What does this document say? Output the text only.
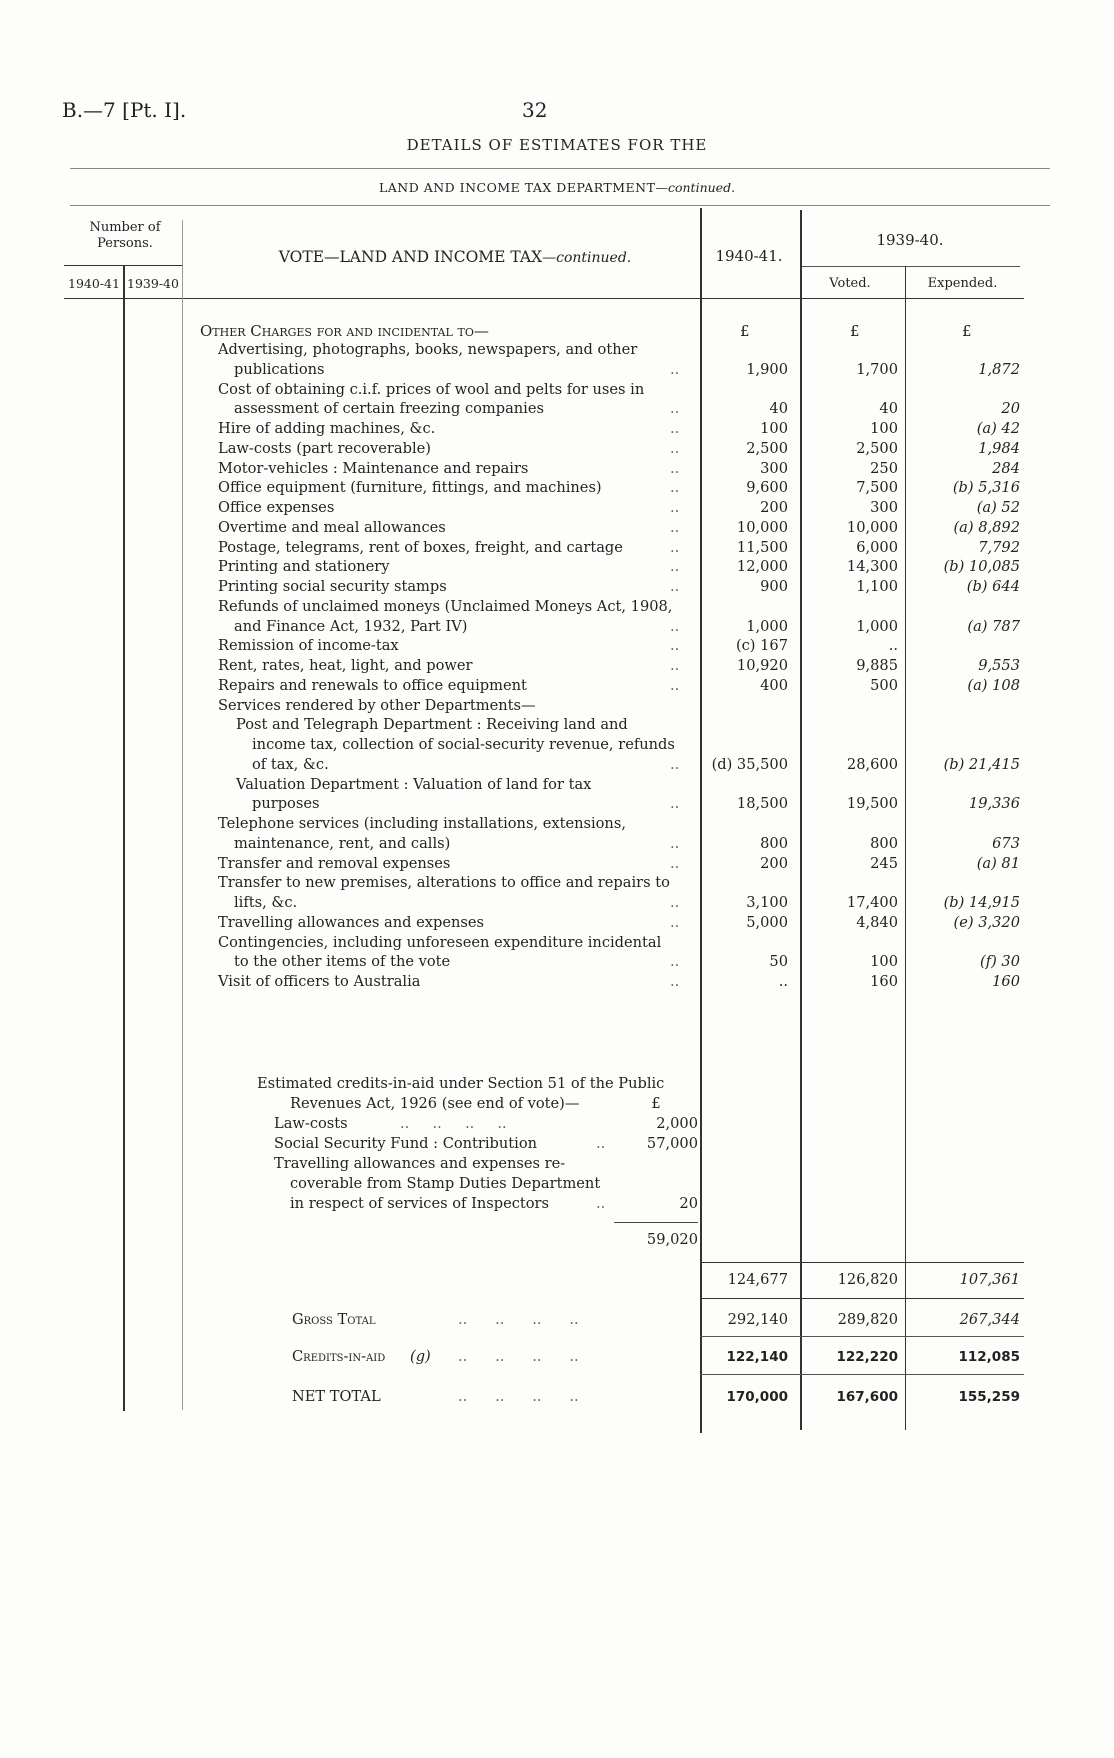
B.—7 [Pt. I].	32
DETAILS OF ESTIMATES FOR THE
LAND AND INCOME TAX DEPARTMENT—continued.
Number of Persons.
1940-41 1939-40
VOTE—LAND AND INCOME TAX—continued.	1940-41.
1939-40.
Voted.	Expended.
Other Charges for and incidental to—	£	£	£
Advertising, photographs, books, newspapers, and other
publications	..	1,900	1,700	1,872
Cost of obtaining c.i.f. prices of wool and pelts for uses in
assessment of certain freezing companies	..	40	40	20
Hire of adding machines, &c.	..	100	100	(a) 42
Law-costs (part recoverable)	..	2,500	2,500	1,984
Motor-vehicles : Maintenance and repairs	..	300	250	284
Office equipment (furniture, fittings, and machines)	..	9,600	7,500	(b) 5,316
Office expenses	..	200	300	(a) 52
Overtime and meal allowances	..	10,000	10,000	(a) 8,892
Postage, telegrams, rent of boxes, freight, and cartage	..	11,500	6,000	7,792
Printing and stationery	..	12,000	14,300	(b) 10,085
Printing social security stamps	..	900	1,100	(b) 644
Refunds of unclaimed moneys (Unclaimed Moneys Act, 1908,
and Finance Act, 1932, Part IV)	..	1,000	1,000	(a) 787
Remission of income-tax	..	(c) 167	..
Rent, rates, heat, light, and power	..	10,920	9,885	9,553
Repairs and renewals to office equipment	..	400	500	(a) 108
Services rendered by other Departments—
Post and Telegraph Department : Receiving land and
income tax, collection of social-security revenue, refunds
of tax, &c.	..	(d) 35,500	28,600	(b) 21,415
Valuation Department : Valuation of land for tax
purposes	..	18,500	19,500	19,336
Telephone services (including installations, extensions,
maintenance, rent, and calls)	..	800	800	673
Transfer and removal expenses	..	200	245	(a) 81
Transfer to new premises, alterations to office and repairs to
lifts, &c.	..	3,100	17,400	(b) 14,915
Travelling allowances and expenses	..	5,000	4,840	(e) 3,320
Contingencies, including unforeseen expenditure incidental
to the other items of the vote	..	50	100	(f) 30
Visit of officers to Australia	..	..	160	160
Estimated credits-in-aid under Section 51 of the Public
Revenues Act, 1926 (see end of vote)—	£
Law-costs	..     ..     ..     ..	2,000
Social Security Fund : Contribution	..	57,000
Travelling allowances and expenses re-
coverable from Stamp Duties Department
in respect of services of Inspectors	..	20
59,020
124,677	126,820	107,361
Gross Total	..      ..      ..      ..	292,140	289,820	267,344
Credits-in-aid (g) ..      ..      ..      ..	122,140	122,220	112,085
NET TOTAL	..      ..      ..      ..	170,000	167,600	155,259
